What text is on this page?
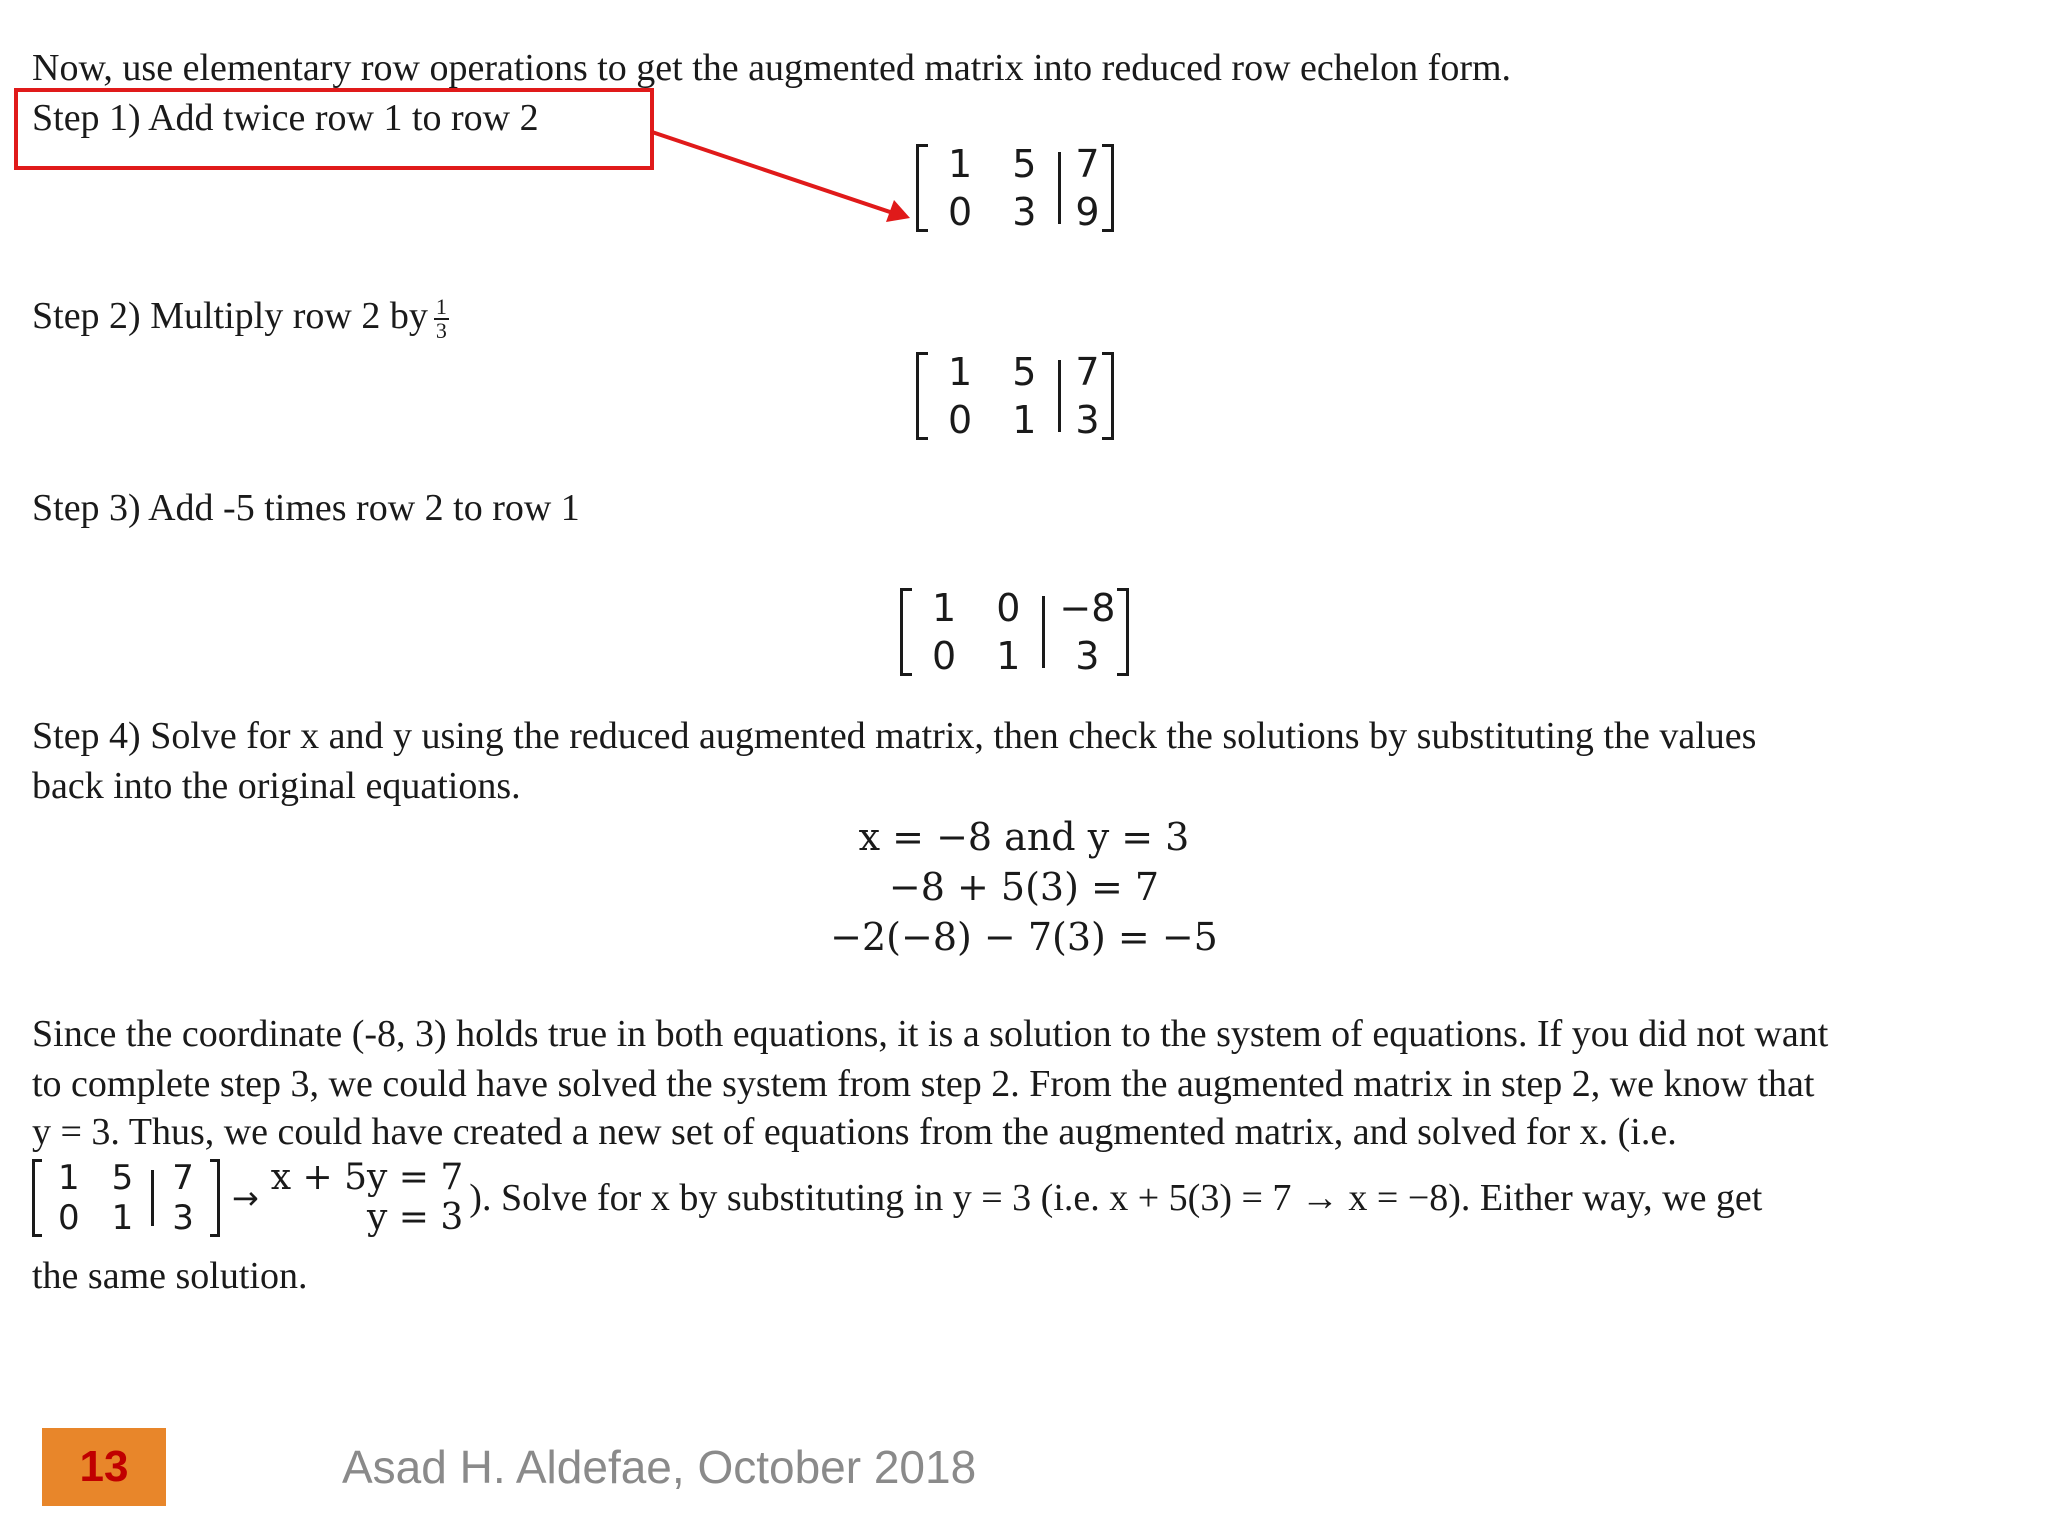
Now, use elementary row operations to get the augmented matrix into reduced row echelon form.
Step 1) Add twice row 1 to row 2
1
0
5
3
7
9
Step 2) Multiply row 2 by $\frac{1}{3}$
1
0
5
1
7
3
Step 3) Add -5 times row 2 to row 1
1
0
0
1
−8
3
Step 4) Solve for x and y using the reduced augmented matrix, then check the solutions by substituting the values
back into the original equations.
x = −8 and y = 3
−8 + 5(3) = 7
−2(−8) − 7(3) = −5
Since the coordinate (-8, 3) holds true in both equations, it is a solution to the system of equations. If you did not want
to complete step 3, we could have solved the system from step 2. From the augmented matrix in step 2, we know that
y = 3. Thus, we could have created a new set of equations from the augmented matrix, and solved for x. (i.e.
1
0
5
1
7
3 → x + 5y = 7
y = 3 ). Solve for x by substituting in y = 3 (i.e. x + 5(3) = 7 → x = −8). Either way, we get
the same solution.
13	Asad H. Aldefae, October 2018
